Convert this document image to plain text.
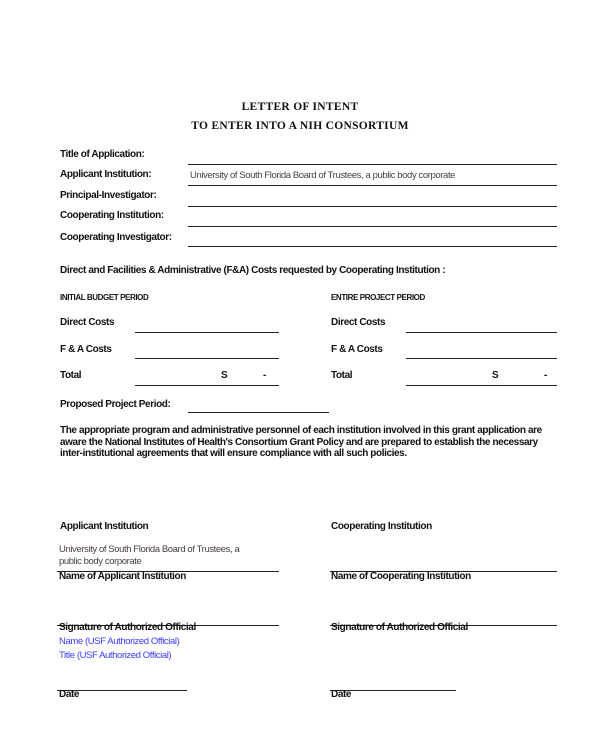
LETTER OF INTENT
TO ENTER INTO A NIH CONSORTIUM
Title of Application:
Applicant Institution:	University of South Florida Board of Trustees, a public body corporate
Principal-Investigator:
Cooperating Institution:
Cooperating Investigator:
Direct and Facilities & Administrative (F&A) Costs requested by Cooperating Institution :
INITIAL BUDGET PERIOD	ENTIRE PROJECT PERIOD
Direct Costs	Direct Costs
F & A Costs	F & A Costs
Total	S	-	Total	S	-
Proposed Project Period:
The appropriate program and administrative personnel of each institution involved in this grant application are aware the National Institutes of Health's Consortium Grant Policy and are prepared to establish the necessary inter-institutional agreements that will ensure compliance with all such policies.
Applicant Institution	Cooperating Institution
University of South Florida Board of Trustees, a
public body corporate
Name of Applicant Institution	Name of Cooperating Institution
Signature of Authorized Official	Signature of Authorized Official
Name (USF Authorized Official)
Title (USF Authorized Official)
Date	Date
